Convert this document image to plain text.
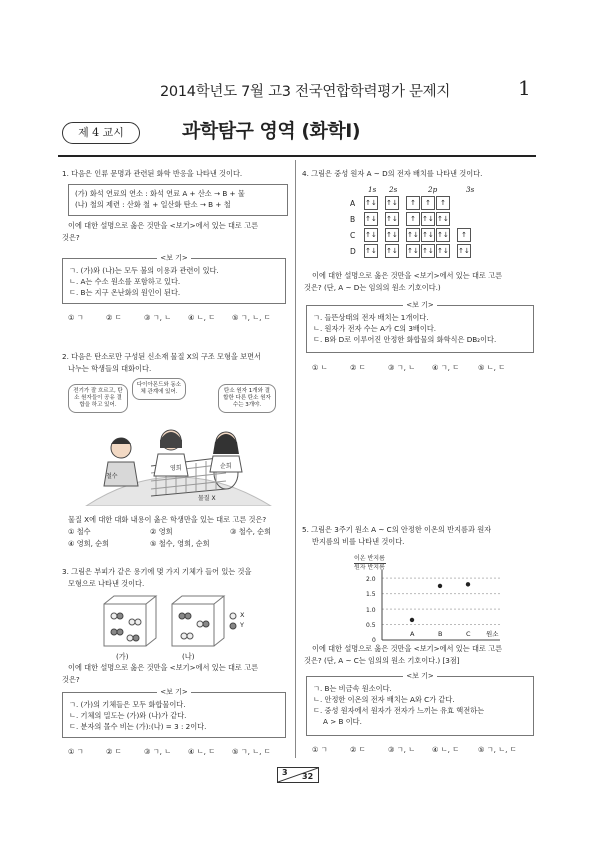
2014학년도 7월 고3 전국연합학력평가 문제지	1
제 4 교시	과학탐구 영역 (화학Ⅰ)
1. 다음은 인류 문명과 관련된 화학 반응을 나타낸 것이다.
(가) 화석 연료의 연소 : 화석 연료 A + 산소 → B + 물
(나) 철의 제련 : 산화 철 + 일산화 탄소 → B + 철
이에 대한 설명으로 옳은 것만을 <보기>에서 있는 대로 고른
것은?
<보 기>
ㄱ. (가)와 (나)는 모두 불의 이용과 관련이 있다.
ㄴ. A는 수소 원소를 포함하고 있다.
ㄷ. B는 지구 온난화의 원인이 된다.
① ㄱ	② ㄷ	③ ㄱ, ㄴ ④ ㄴ, ㄷ ⑤ ㄱ, ㄴ, ㄷ
2. 다음은 탄소로만 구성된 신소재 물질 X의 구조 모형을 보면서
나누는 학생들의 대화이다.
전기가 잘 흐르고, 탄소 원자들이 공유 결합을 하고 있어.
다이아몬드와 동소체 관계에 있어.	탄소 원자 1개와 결합한 다른 탄소 원자 수는 3개야.
철수
영희	순희
물질 X
물질 X에 대한 대화 내용이 옳은 학생만을 있는 대로 고른 것은?
① 철수	② 영희	③ 철수, 순희
④ 영희, 순희	⑤ 철수, 영희, 순희
3. 그림은 부피가 같은 용기에 몇 가지 기체가 들어 있는 것을
모형으로 나타낸 것이다.
X
Y
(가)	(나)
이에 대한 설명으로 옳은 것만을 <보기>에서 있는 대로 고른
것은?
<보 기>
ㄱ. (가)의 기체들은 모두 화합물이다.
ㄴ. 기체의 밀도는 (가)와 (나)가 같다.
ㄷ. 분자의 몰수 비는 (가):(나) = 3 : 2이다.
① ㄱ	② ㄷ	③ ㄱ, ㄴ ④ ㄴ, ㄷ ⑤ ㄱ, ㄴ, ㄷ
4. 그림은 중성 원자 A ~ D의 전자 배치를 나타낸 것이다.
1s 2s	2p	3s
A ↑↓ ↑↓ ↑ ↑ ↑
B ↑↓ ↑↓ ↑ ↑↓ ↑↓
C ↑↓ ↑↓ ↑↓ ↑↓ ↑↓ ↑
D ↑↓ ↑↓ ↑↓ ↑↓ ↑↓ ↑↓
이에 대한 설명으로 옳은 것만을 <보기>에서 있는 대로 고른
것은? (단, A ~ D는 임의의 원소 기호이다.)
<보 기>
ㄱ. 들뜬상태의 전자 배치는 1개이다.
ㄴ. 원자가 전자 수는 A가 C의 3배이다.
ㄷ. B와 D로 이루어진 안정한 화합물의 화학식은 DB₂이다.
① ㄴ	② ㄷ	③ ㄱ, ㄴ ④ ㄱ, ㄷ	⑤ ㄴ, ㄷ
5. 그림은 3주기 원소 A ~ C의 안정한 이온의 반지름과 원자
반지름의 비를 나타낸 것이다.
이온 반지름
원자 반지름
0
0.5
1.0
1.5
2.0
A	B	C 원소
이에 대한 설명으로 옳은 것만을 <보기>에서 있는 대로 고른
것은? (단, A ~ C는 임의의 원소 기호이다.) [3점]
<보 기>
ㄱ. B는 비금속 원소이다.
ㄴ. 안정한 이온의 전자 배치는 A와 C가 같다.
ㄷ. 중성 원자에서 원자가 전자가 느끼는 유효 핵전하는
A > B 이다.
① ㄱ	② ㄷ	③ ㄱ, ㄴ ④ ㄴ, ㄷ	⑤ ㄱ, ㄴ, ㄷ
3 32
